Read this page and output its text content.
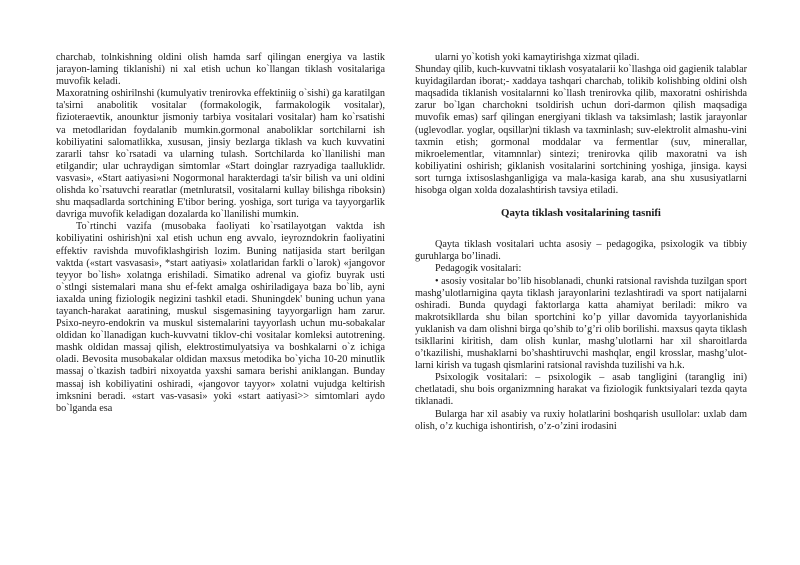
charchab, tolnkishning oldini olish hamda sarf qilingan energiya va lastik jarayon-laming tiklanishi) ni xal etish uchun ko`llangan tiklash vositalariga muvofik keladi.

Maxoratning oshirilnshi (kumulyativ trenirovka effektiniig o`sishi) ga karatilgan ta'sirni anabolitik vositalar (formakologik, farmakologik vositalar), fizioteraevtik, anounktur jismoniy tarbiya vositalari vositalar) ham ko`rsatishi va metodlaridan foydalanib mumkin.gormonal anaboliklar sortchilarni ish kobiliyatini salomatlikka, xususan, jinsiy bezlarga tiklash va kuch kuvvatini zararli tahsr ko`rsatadi va ularning tulash. Sortchilarda ko`llanilishi man etilgandir; ular uchraydigan simtomlar «Start doinglar razryadiga taalluklidr. vasvasi», «Start aatiyasi»ni Nogormonal harakterdagi ta'sir bilish va uni oldini olishda ko`rsatuvchi rearatlar (metnluratsil, vositalarni kullay bilishga riboksin) shu maqsadlarda sortchining E'tibor bering. yoshiga, sort turiga va tayyorgarlik davriga muvofik keladigan dozalarda ko`llanilishi mumkin.

To`rtinchi vazifa (musobaka faoliyati ko`rsatilayotgan vaktda ish kobiliyatini oshirish)ni xal etish uchun eng avvalo, ieyrozndokrin faoliyatini effektiv ravishda muvofiklashgirish lozim. Buning natijasida start berilgan vaktda («start vasvasasi», *start aatiyasi» xolatlaridan farkli o`larok) «jangovor teyyor bo`lish» xolatnga erishiladi. Simatiko adrenal va giofiz buyrak usti o`stlngi sistemalari mana shu ef-fekt amalga oshiriladigaya baza bo`lib, ayni iaxalda uning fiziologik negizini tashkil etadi. Shuningdek' buning uchun yana tayanch-harakat aaratining, muskul sisgemasining tayyorgarlign ham zarur. Psixo-neyro-endokrin va muskul sistemalarini tayyorlash uchun mu-sobakalar oldidan ko`llanadigan kuch-kuvvatni tiklov-chi vositalar komleksi autotrening. mashk oldidan massaj qilish, elektrostimulyatsiya va boshkalarni o`z ichiga oladi. Bevosita musobakalar oldidan maxsus metodika bo`yicha 10-20 minutlik massaj o`tkazish tadbiri nixoyatda yaxshi samara berishi aniklangan. Bunday massaj ish kobiliyatini oshiradi, «jangovor tayyor» xolatni vujudga keltirish imksnini beradi. «start vas-vasasi» yoki «start aatiyasi>> simtomlari aydo bo`lganda esa

ularni yo`kotish yoki kamaytirishga xizmat qiladi.

Shunday qilib, kuch-kuvvatni tiklash vosyatalarii ko`llashga oid gagienik talablar kuyidagilardan iborat;- xaddaya tashqari charchab, tolikib kolishbing oldini olsh maqsadida tiklanish vositalarnni ko`llash trenirovka qilib, maxoratni oshirishda zarur bo`lgan charchokni tsoldirish uchun dori-darmon qilish maqsadiga muvofik emas) sarf qilingan energiyani tiklash va taksimlash; lastik jarayonlar (uglevodlar. yoglar, oqsillar)ni tiklash va taxminlash; suv-elektrolit almashu-vini taxmin etish; gormonal moddalar va fermentlar (suv, minerallar, mikroelementlar, vitamnnlar) sintezi; trenirovka qilib maxoratni va ish kobiliyatini oshirish; giklanish vositalarini sortchining yoshiga, jinsiga. kaysi sort turnga ixtisoslashganligiga va mala-kasiga karab, ana shu xususiyatlarni hisobga olgan xolda dozalashtirish tavsiya etiladi.

Qayta tiklash vositalarining tasnifi

Qayta tiklash vositalari uchta asosiy – pedagogika, psixologik va tibbiy guruhlarga bo’linadi.

Pedagogik vositalari:

• asosiy vositalar bo’lib hisoblanadi, chunki ratsional ravishda tuzilgan sport mashg’ulotlarnigina qayta tiklash jarayonlarini tezlashtiradi va sport natijalarni oshiradi. Bunda quydagi faktorlarga katta ahamiyat beriladi: mikro va makrotsikllarda shu bilan sportchini ko’p yillar davomida tayyorlanishida yuklanish va dam olishni birga qo’shib to’g’ri olib borilishi. maxsus qayta tiklash tsikllarini kiritish, dam olish kunlar, mashg’ulotlarni har xil sharoitlarda o’tkazilishi, mushaklarni bo’shashtiruvchi mashqlar, engil krosslar, mashg’ulot-larni kirish va tugash qismlarini ratsional ravishda tuzilishi va h.k.

Psixologik vositalari: – psixologik – asab tangligini (taranglig ini) chetlatadi, shu bois organizmning harakat va fiziologik funktsiyalari tezda qayta tiklanadi.

Bularga har xil asabiy va ruxiy holatlarini boshqarish usullolar: uxlab dam olish, o’z kuchiga ishontirish, o’z-o’zini irodasini
